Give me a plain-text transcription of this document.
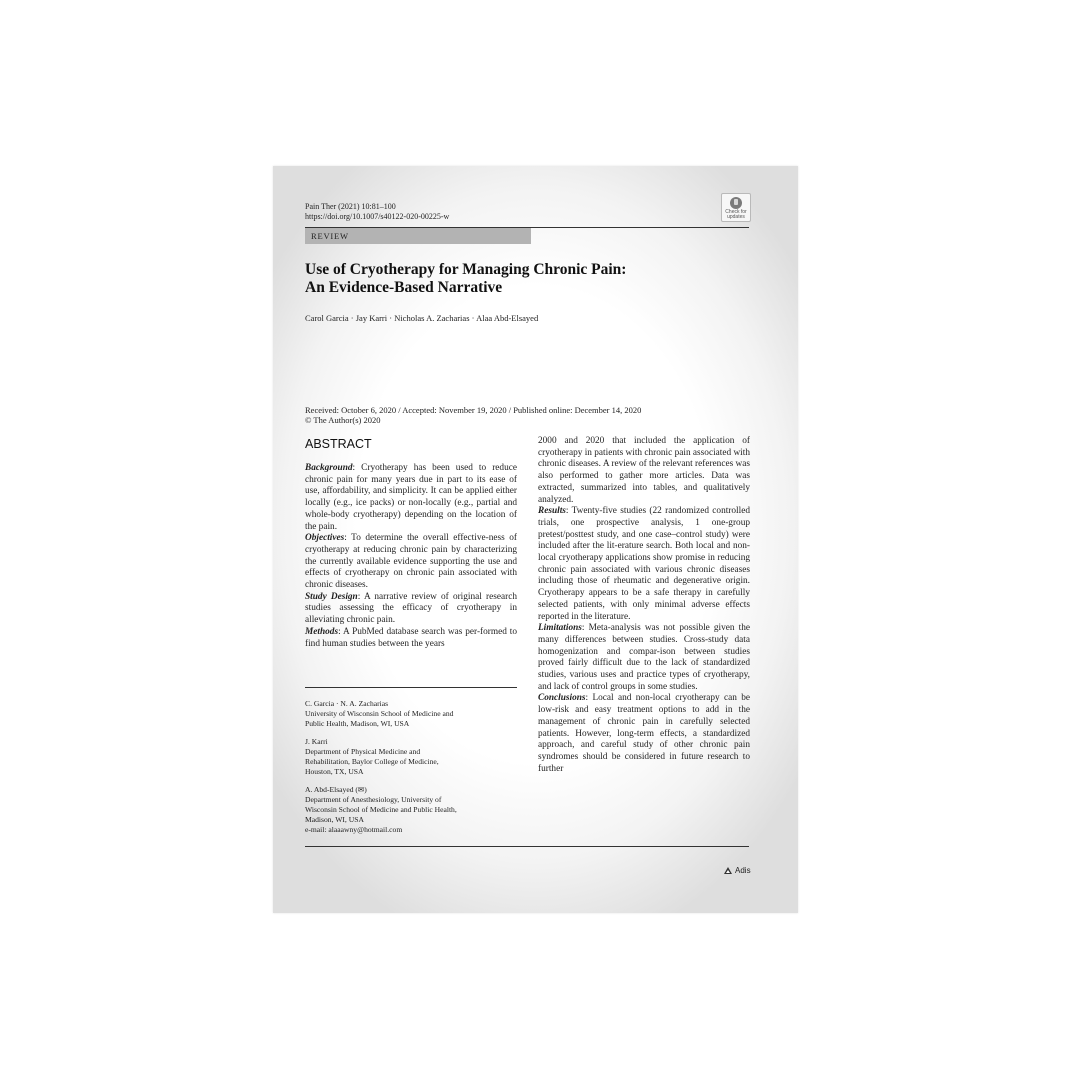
Pain Ther (2021) 10:81–100
https://doi.org/10.1007/s40122-020-00225-w	Check for
updates
REVIEW
Use of Cryotherapy for Managing Chronic Pain:
An Evidence-Based Narrative
Carol Garcia · Jay Karri · Nicholas A. Zacharias · Alaa Abd-Elsayed
Received: October 6, 2020 / Accepted: November 19, 2020 / Published online: December 14, 2020
© The Author(s) 2020
ABSTRACT

Background: Cryotherapy has been used to reduce chronic pain for many years due in part to its ease of use, affordability, and simplicity. It can be applied either locally (e.g., ice packs) or non-locally (e.g., partial and whole-body cryotherapy) depending on the location of the pain.

Objectives: To determine the overall effective-ness of cryotherapy at reducing chronic pain by characterizing the currently available evidence supporting the use and effects of cryotherapy on chronic pain associated with chronic diseases.

Study Design: A narrative review of original research studies assessing the efficacy of cryotherapy in alleviating chronic pain.

Methods: A PubMed database search was per-formed to find human studies between the years

2000 and 2020 that included the application of cryotherapy in patients with chronic pain associated with chronic diseases. A review of the relevant references was also performed to gather more articles. Data was extracted, summarized into tables, and qualitatively analyzed.

Results: Twenty-five studies (22 randomized controlled trials, one prospective analysis, 1 one-group pretest/posttest study, and one case–control study) were included after the lit-erature search. Both local and non-local cryotherapy applications show promise in reducing chronic pain associated with various chronic diseases including those of rheumatic and degenerative origin. Cryotherapy appears to be a safe therapy in carefully selected patients, with only minimal adverse effects reported in the literature.

Limitations: Meta-analysis was not possible given the many differences between studies. Cross-study data homogenization and compar-ison between studies proved fairly difficult due to the lack of standardized studies, various uses and practice types of cryotherapy, and lack of control groups in some studies.

Conclusions: Local and non-local cryotherapy can be low-risk and easy treatment options to add in the management of chronic pain in carefully selected patients. However, long-term effects, a standardized approach, and careful study of other chronic pain syndromes should be considered in future research to further

C. Garcia · N. A. Zacharias
University of Wisconsin School of Medicine and
Public Health, Madison, WI, USA
J. Karri
Department of Physical Medicine and
Rehabilitation, Baylor College of Medicine,
Houston, TX, USA
A. Abd-Elsayed (✉)
Department of Anesthesiology, University of
Wisconsin School of Medicine and Public Health,
Madison, WI, USA
e-mail: alaaawny@hotmail.com
Adis
